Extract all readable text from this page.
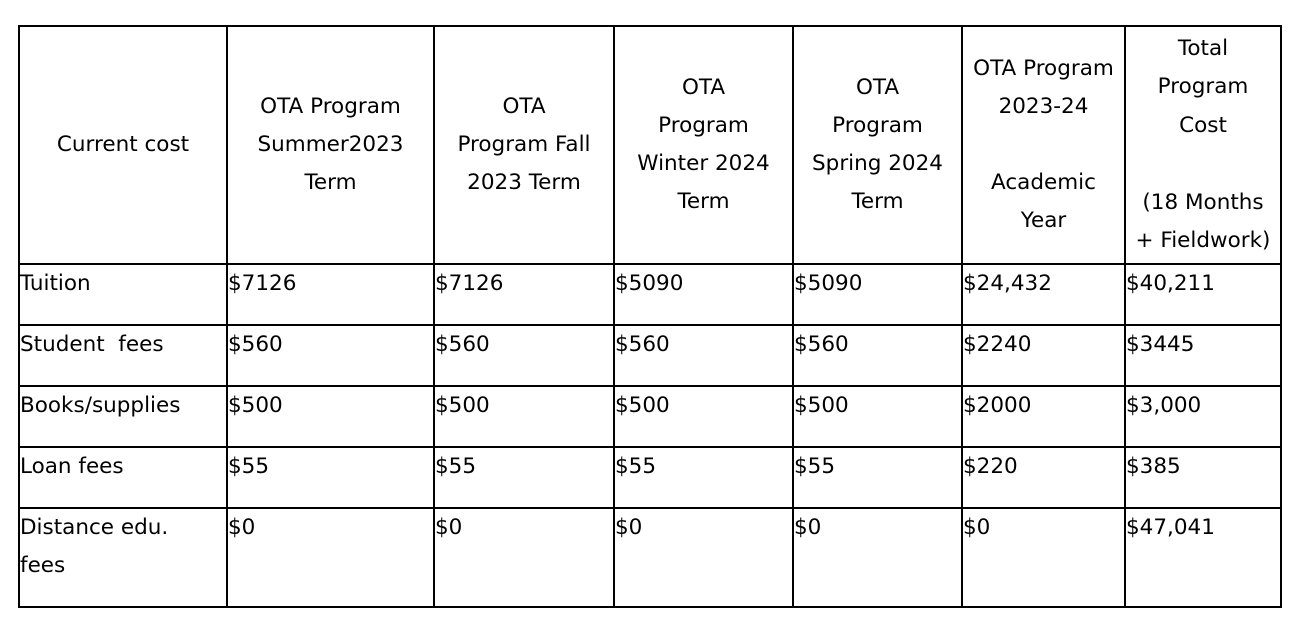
Current cost	OTA Program
Summer2023
Term	OTA
Program Fall
2023 Term	OTA
Program
Winter 2024
Term	OTA
Program
Spring 2024
Term	OTA Program
2023-24

Academic
Year	Total
Program
Cost

(18 Months
+ Fieldwork)

Tuition	$7126	$7126	$5090	$5090	$24,432	$40,211
Student  fees	$560	$560	$560	$560	$2240	$3445
Books/supplies	$500	$500	$500	$500	$2000	$3,000
Loan fees	$55	$55	$55	$55	$220	$385
Distance edu.
fees	$0	$0	$0	$0	$0	$47,041
